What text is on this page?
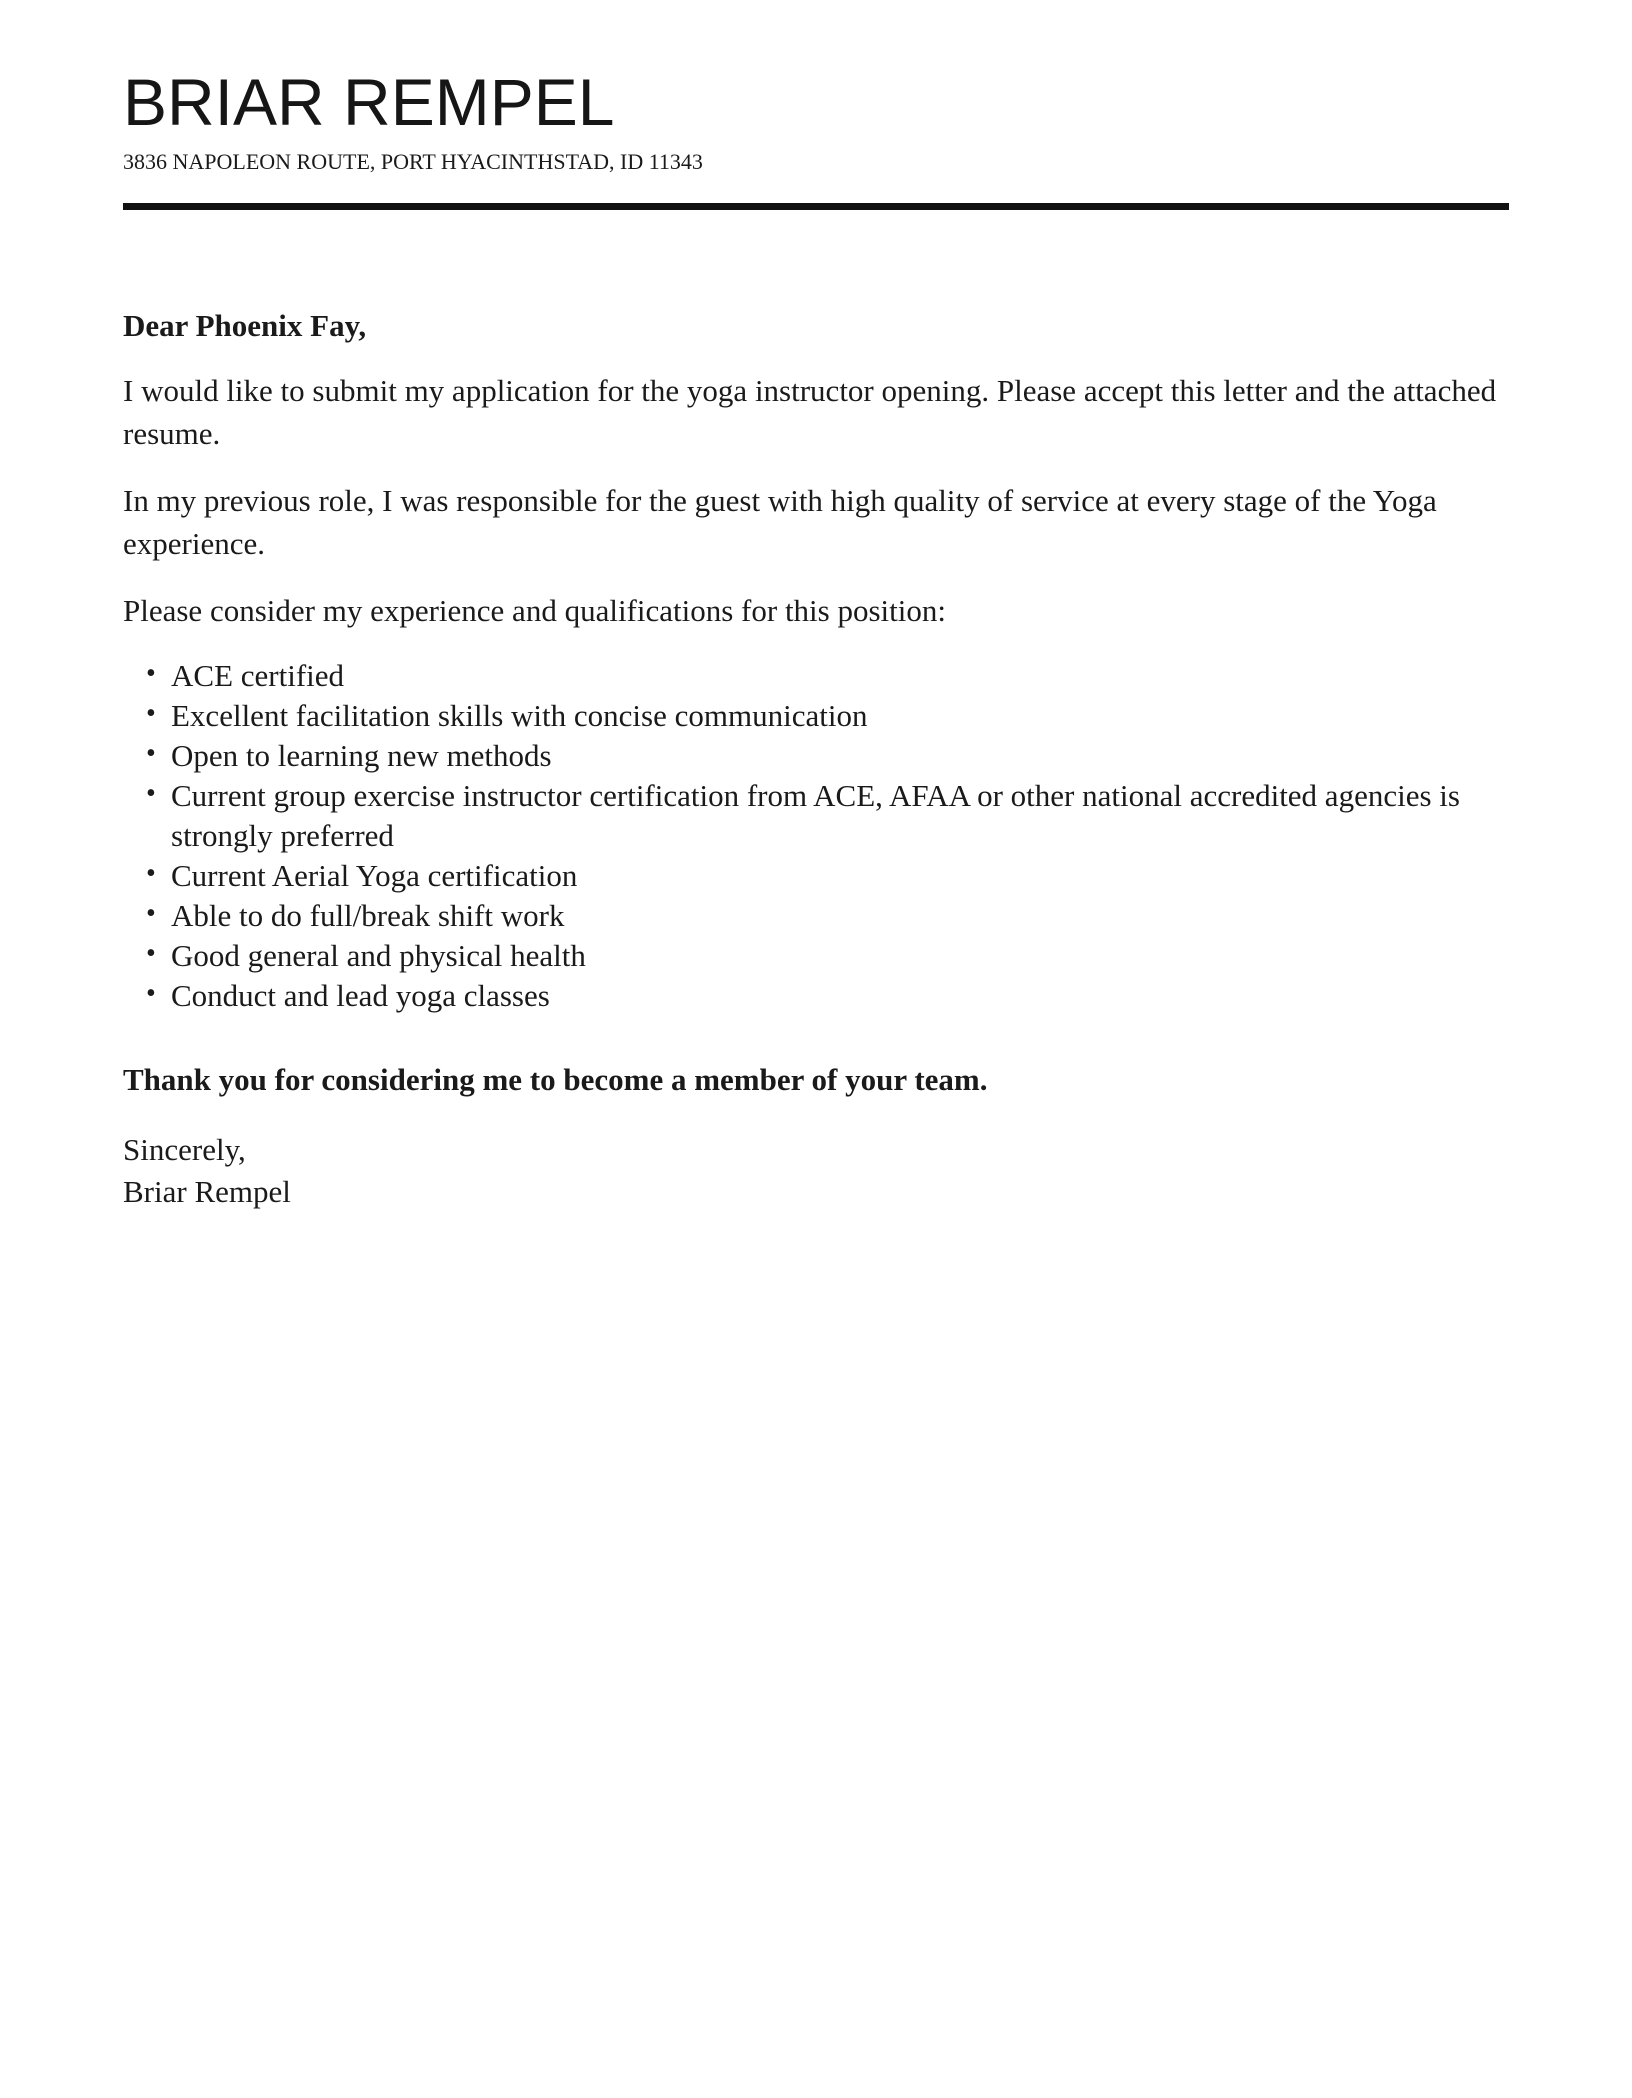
BRIAR REMPEL
3836 NAPOLEON ROUTE, PORT HYACINTHSTAD, ID 11343
Dear Phoenix Fay,

I would like to submit my application for the yoga instructor opening. Please accept this letter and the attached resume.

In my previous role, I was responsible for the guest with high quality of service at every stage of the Yoga experience.

Please consider my experience and qualifications for this position:

• ACE certified
• Excellent facilitation skills with concise communication
• Open to learning new methods
• Current group exercise instructor certification from ACE, AFAA or other national accredited agencies is strongly preferred
• Current Aerial Yoga certification
• Able to do full/break shift work
• Good general and physical health
• Conduct and lead yoga classes
Thank you for considering me to become a member of your team.
Sincerely,
Briar Rempel
